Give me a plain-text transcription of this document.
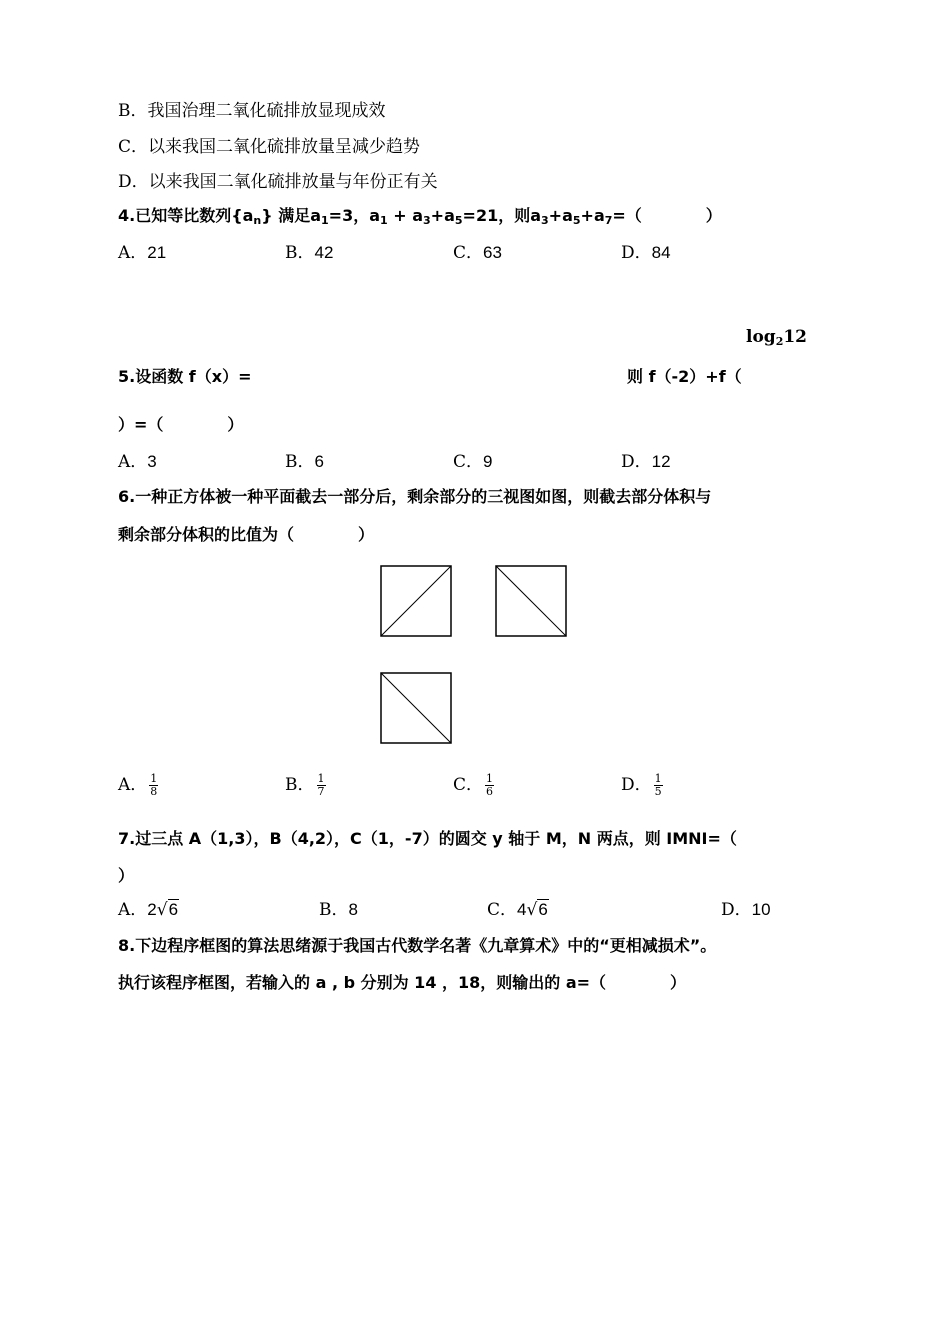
B．我国治理二氧化硫排放显现成效
C．以来我国二氧化硫排放量呈减少趋势
D．以来我国二氧化硫排放量与年份正有关
4.已知等比数列$\{a_n\}$ 满足$a_1=3$，$a_1 + a_3+a_5=21$，则$a_3+a_5+a_7=$（　　　　）
A．21	B．42	C．63	D．84
$\log_212$
5.设函数 f（x）=	则 f（-2）+f（
）=（　　　　）
A．3	B．6	C．9	D．12
6.一种正方体被一种平面截去一部分后，剩余部分的三视图如图，则截去部分体积与
剩余部分体积的比值为（　　　　）
A． $\frac{1}{8}$	B． $\frac{1}{7}$	C． $\frac{1}{6}$	D． $\frac{1}{5}$
7.过三点 A（1,3），B（4,2），C（1，-7）的圆交 y 轴于 M，N 两点，则 IMNI=（
）
A．2√6	B．8	C．4√6	D．10
8.下边程序框图的算法思绪源于我国古代数学名著《九章算术》中的“更相减损术”。
执行该程序框图，若输入的 a , b 分别为 14 ，18，则输出的 a=（　　　　）
